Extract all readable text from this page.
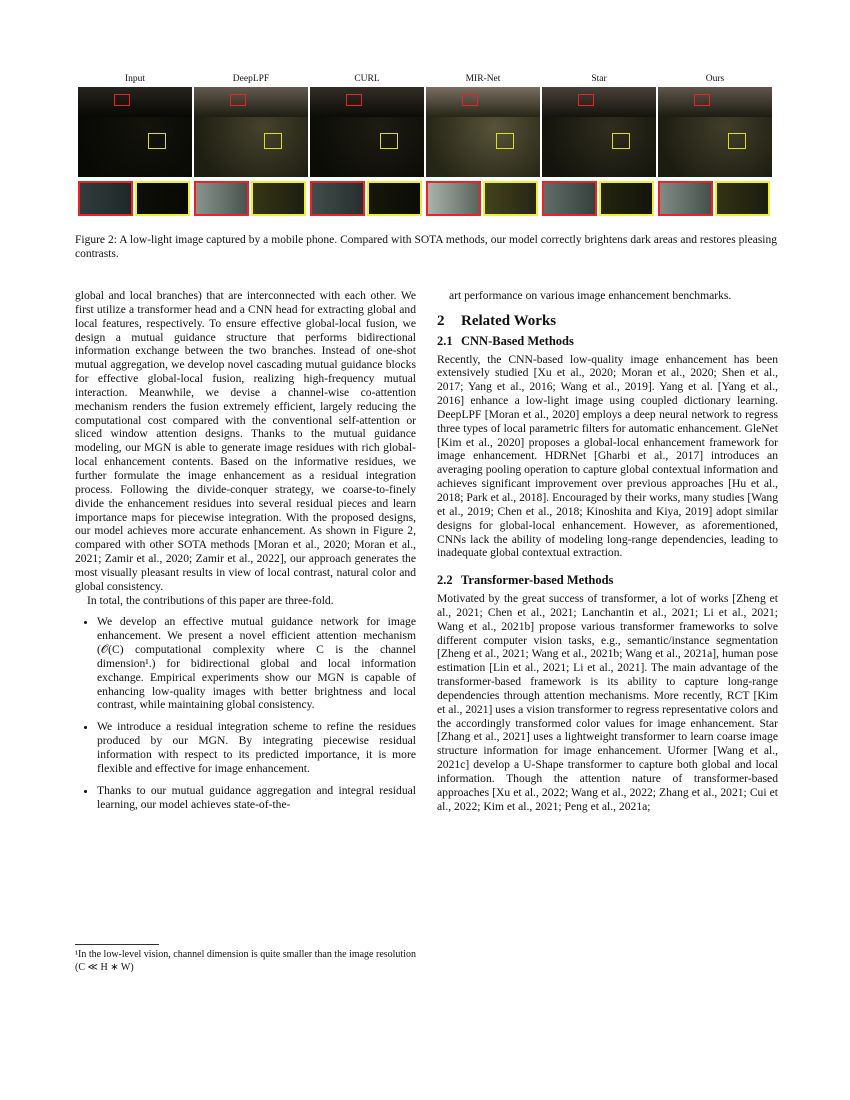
Input	DeepLPF	CURL	MIR-Net	Star	Ours
Figure 2: A low-light image captured by a mobile phone. Compared with SOTA methods, our model correctly brightens dark areas and restores pleasing contrasts.

global and local branches) that are interconnected with each other. We first utilize a transformer head and a CNN head for extracting global and local features, respectively. To ensure effective global-local fusion, we design a mutual guidance structure that performs bidirectional information exchange between the two branches. Instead of one-shot mutual aggregation, we develop novel cascading mutual guidance blocks for effective global-local fusion, realizing high-frequency mutual interaction. Meanwhile, we devise a channel-wise co-attention mechanism renders the fusion extremely efficient, largely reducing the computational cost compared with the conventional self-attention or sliced window attention designs. Thanks to the mutual guidance modeling, our MGN is able to generate image residues with rich global-local enhancement contents. Based on the informative residues, we further formulate the image enhancement as a residual integration process. Following the divide-conquer strategy, we coarse-to-finely divide the enhancement residues into several residual pieces and learn importance maps for piecewise integration. With the proposed designs, our model achieves more accurate enhancement. As shown in Figure 2, compared with other SOTA methods [Moran et al., 2020; Moran et al., 2021; Zamir et al., 2020; Zamir et al., 2022], our approach generates the most visually pleasant results in view of local contrast, natural color and global consistency.

In total, the contributions of this paper are three-fold.

• We develop an effective mutual guidance network for image enhancement. We present a novel efficient attention mechanism (𝒪(C) computational complexity where C is the channel dimension¹.) for bidirectional global and local information exchange. Empirical experiments show our MGN is capable of enhancing low-quality images with better brightness and local contrast, while maintaining global consistency.
• We introduce a residual integration scheme to refine the residues produced by our MGN. By integrating piecewise residual information with respect to its predicted importance, it is more flexible and effective for image enhancement.
• Thanks to our mutual guidance aggregation and integral residual learning, our model achieves state-of-the-
¹In the low-level vision, channel dimension is quite smaller than the image resolution (C ≪ H ∗ W)

art performance on various image enhancement benchmarks.

2 Related Works
2.1 CNN-Based Methods

Recently, the CNN-based low-quality image enhancement has been extensively studied [Xu et al., 2020; Moran et al., 2020; Shen et al., 2017; Yang et al., 2016; Wang et al., 2019]. Yang et al. [Yang et al., 2016] enhance a low-light image using coupled dictionary learning. DeepLPF [Moran et al., 2020] employs a deep neural network to regress three types of local parametric filters for automatic enhancement. GleNet [Kim et al., 2020] proposes a global-local enhancement framework for image enhancement. HDRNet [Gharbi et al., 2017] introduces an averaging pooling operation to capture global contextual information and achieves significant improvement over previous approaches [Hu et al., 2018; Park et al., 2018]. Encouraged by their works, many studies [Wang et al., 2019; Chen et al., 2018; Kinoshita and Kiya, 2019] adopt similar designs for global-local enhancement. However, as aforementioned, CNNs lack the ability of modeling long-range dependencies, leading to inadequate global contextual extraction.

2.2 Transformer-based Methods

Motivated by the great success of transformer, a lot of works [Zheng et al., 2021; Chen et al., 2021; Lanchantin et al., 2021; Li et al., 2021; Wang et al., 2021b] propose various transformer frameworks to solve different computer vision tasks, e.g., semantic/instance segmentation [Zheng et al., 2021; Wang et al., 2021b; Wang et al., 2021a], human pose estimation [Lin et al., 2021; Li et al., 2021]. The main advantage of the transformer-based framework is its ability to capture long-range dependencies through attention mechanisms. More recently, RCT [Kim et al., 2021] uses a vision transformer to regress representative colors and the accordingly transformed color values for image enhancement. Star [Zhang et al., 2021] uses a lightweight transformer to learn coarse image structure information for image enhancement. Uformer [Wang et al., 2021c] develop a U-Shape transformer to capture both global and local information. Though the attention nature of transformer-based approaches [Xu et al., 2022; Wang et al., 2022; Zhang et al., 2021; Cui et al., 2022; Kim et al., 2021; Peng et al., 2021a;
